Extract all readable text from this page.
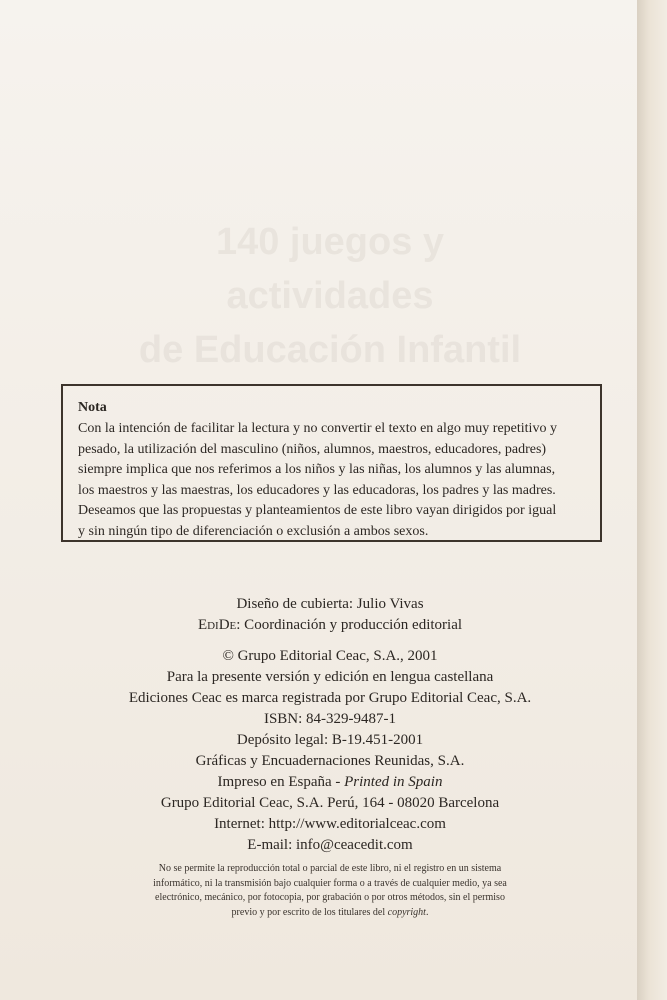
140 juegos y actividades
de Educación Infantil
Nota
Con la intención de facilitar la lectura y no convertir el texto en algo muy repetitivo y
pesado, la utilización del masculino (niños, alumnos, maestros, educadores, padres)
siempre implica que nos referimos a los niños y las niñas, los alumnos y las alumnas,
los maestros y las maestras, los educadores y las educadoras, los padres y las madres.
Deseamos que las propuestas y planteamientos de este libro vayan dirigidos por igual
y sin ningún tipo de diferenciación o exclusión a ambos sexos.
Diseño de cubierta: Julio Vivas
EdiDe: Coordinación y producción editorial
© Grupo Editorial Ceac, S.A., 2001
Para la presente versión y edición en lengua castellana
Ediciones Ceac es marca registrada por Grupo Editorial Ceac, S.A.
ISBN: 84-329-9487-1
Depósito legal: B-19.451-2001
Gráficas y Encuadernaciones Reunidas, S.A.
Impreso en España - Printed in Spain
Grupo Editorial Ceac, S.A. Perú, 164 - 08020 Barcelona
Internet: http://www.editorialceac.com
E-mail: info@ceacedit.com
No se permite la reproducción total o parcial de este libro, ni el registro en un sistema
informático, ni la transmisión bajo cualquier forma o a través de cualquier medio, ya sea
electrónico, mecánico, por fotocopia, por grabación o por otros métodos, sin el permiso
previo y por escrito de los titulares del copyright.
